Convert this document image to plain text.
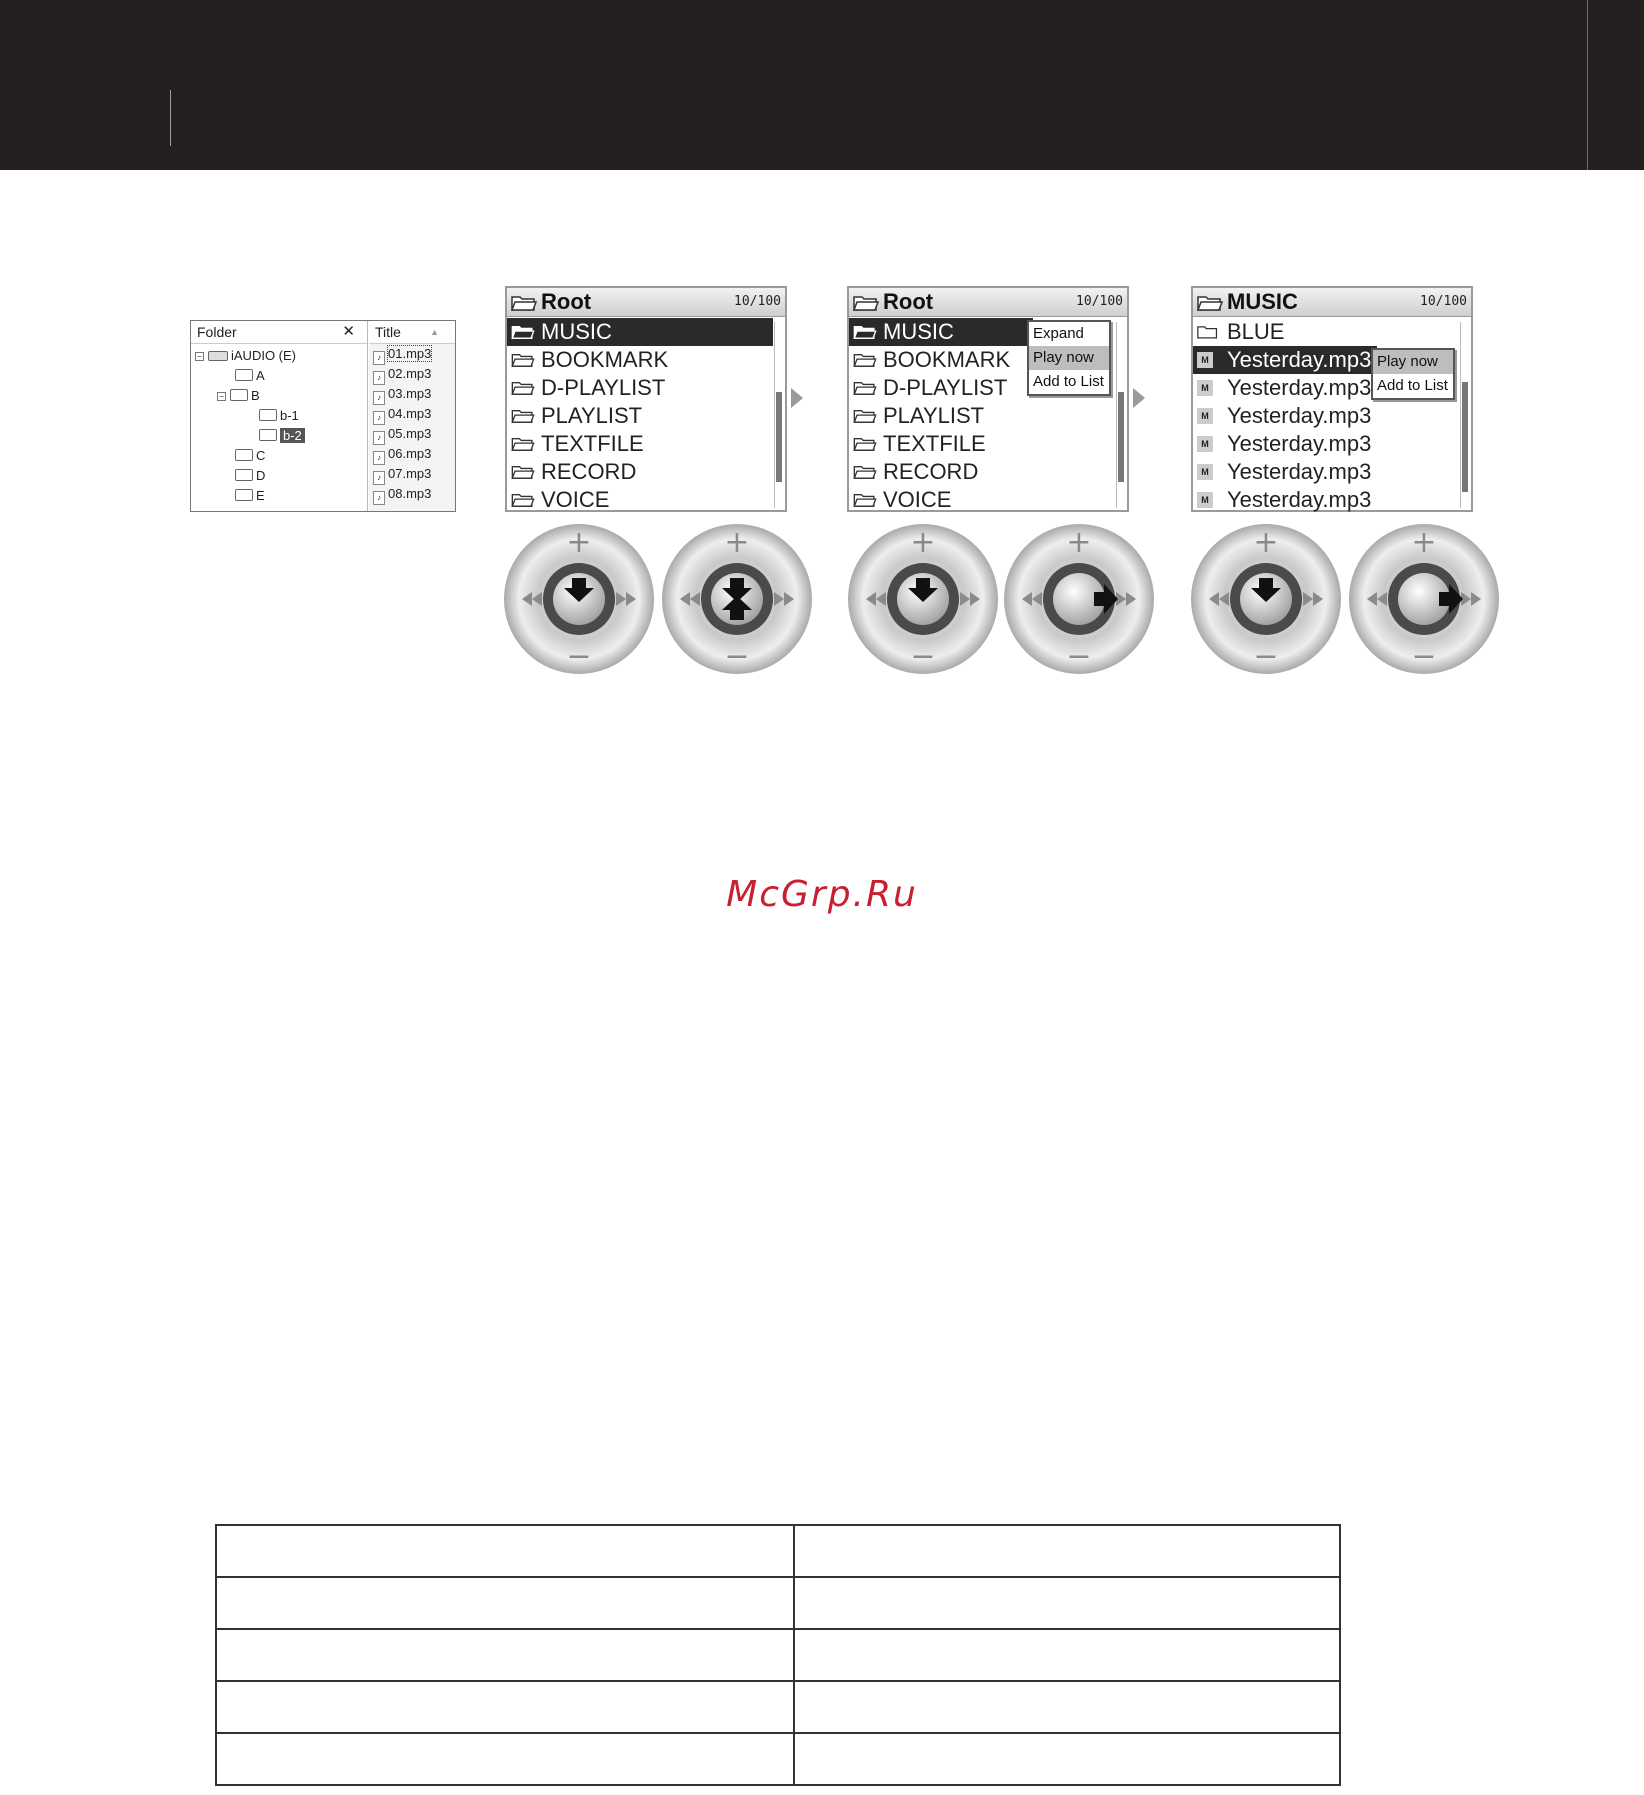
Folder	✕
− iAUDIO (E)
A
− B
b-1
b-2
C
D
E
Title	▲
♪ 01.mp3
♪ 02.mp3
♪ 03.mp3
♪ 04.mp3
♪ 05.mp3
♪ 06.mp3
♪ 07.mp3
♪ 08.mp3
Root	10/100
MUSIC
BOOKMARK
D-PLAYLIST
PLAYLIST
TEXTFILE
RECORD
VOICE
Root	10/100
MUSIC
BOOKMARK
D-PLAYLIST
PLAYLIST
TEXTFILE
RECORD
VOICE
Expand
Play now
Add to List
MUSIC	10/100
BLUE
M Yesterday.mp3
M Yesterday.mp3
M Yesterday.mp3
M Yesterday.mp3
M Yesterday.mp3
M Yesterday.mp3
Play now
Add to List
+
−
+
−
+
−
+
−
+
−
+
−
McGrp.Ru
